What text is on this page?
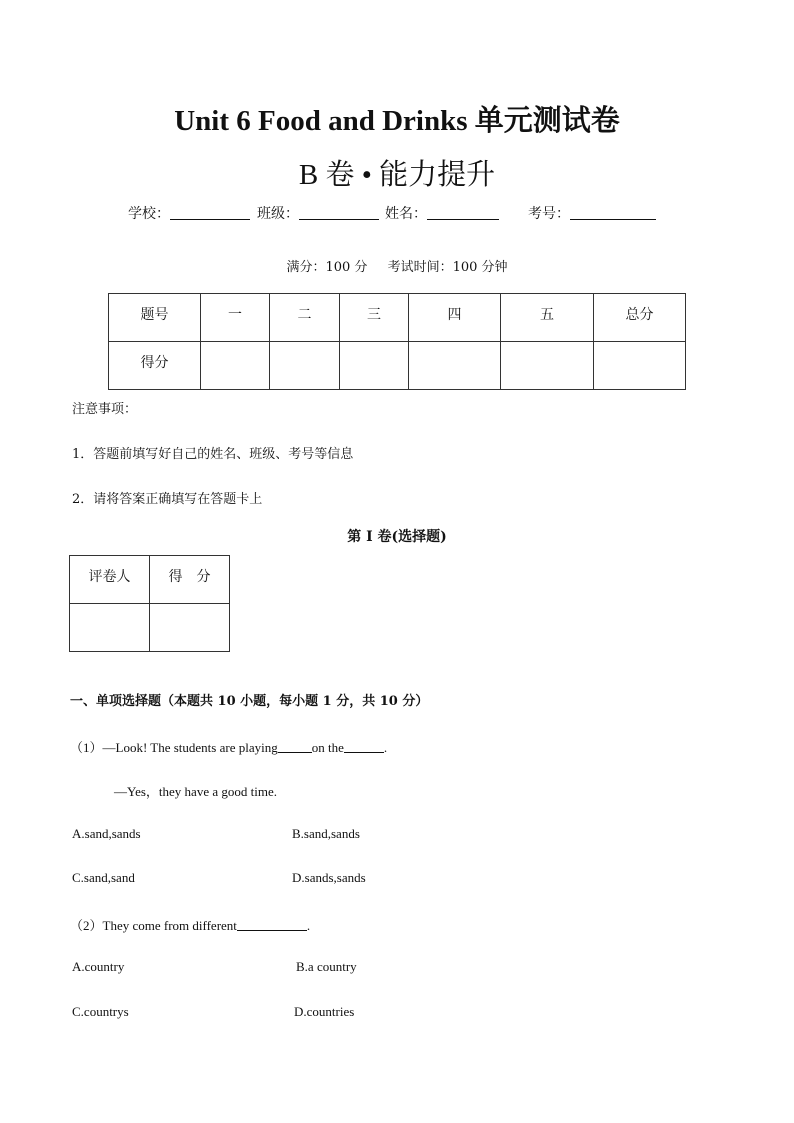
Unit 6 Food and Drinks 单元测试卷
B 卷 • 能力提升
学校：	班级：	姓名：	考号：
满分：100 分 考试时间：100 分钟
题号	一	二	三	四	五	总分
得分						
注意事项：
1．答题前填写好自己的姓名、班级、考号等信息
2．请将答案正确填写在答题卡上
第 I 卷(选择题)
评卷人	得　分

一、单项选择题（本题共 10 小题，每小题 1 分，共 10 分）
（1）—Look! The students are playing	on the	.
—Yes，they have a good time.
A.sand,sands	B.sand,sands
C.sand,sand	D.sands,sands
（2）They come from different	.
A.country	B.a country
C.countrys	D.countries
